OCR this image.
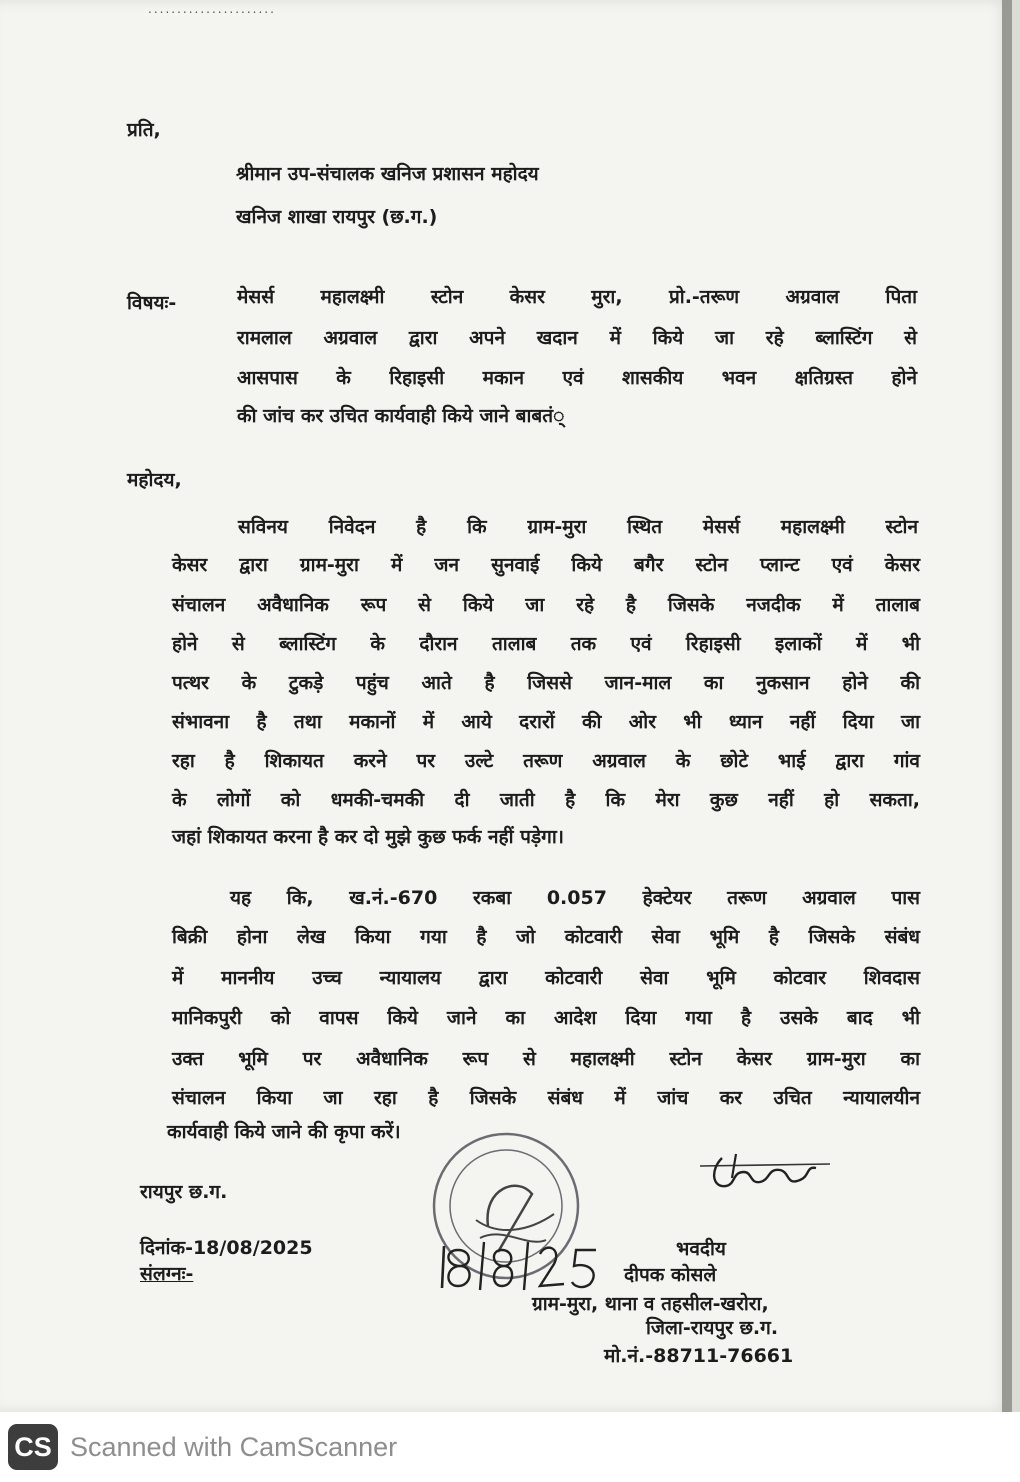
......................
प्रति,
श्रीमान उप-संचालक खनिज प्रशासन महोदय
खनिज शाखा रायपुर (छ.ग.)
विषयः-	मेसर्स महालक्ष्मी स्टोन केसर मुरा, प्रो.-तरूण अग्रवाल पिता
रामलाल अग्रवाल द्वारा अपने खदान में किये जा रहे ब्लास्टिंग से
आसपास के रिहाइसी मकान एवं शासकीय भवन क्षतिग्रस्त होने
की जांच कर उचित कार्यवाही किये जाने बाबतं्
महोदय,
सविनय निवेदन है कि ग्राम-मुरा स्थित मेसर्स महालक्ष्मी स्टोन
केसर द्वारा ग्राम-मुरा में जन सुनवाई किये बगैर स्टोन प्लान्ट एवं केसर
संचालन अवैधानिक रूप से किये जा रहे है जिसके नजदीक में तालाब
होने से ब्लास्टिंग के दौरान तालाब तक एवं रिहाइसी इलाकों में भी
पत्थर के टुकड़े पहुंच आते है जिससे जान-माल का नुकसान होने की
संभावना है तथा मकानों में आये दरारों की ओर भी ध्यान नहीं दिया जा
रहा है शिकायत करने पर उल्टे तरूण अग्रवाल के छोटे भाई द्वारा गांव
के लोगों को धमकी-चमकी दी जाती है कि मेरा कुछ नहीं हो सकता,
जहां शिकायत करना है कर दो मुझे कुछ फर्क नहीं पड़ेगा।
यह कि, ख.नं.-670 रकबा 0.057 हेक्टेयर तरूण अग्रवाल पास
बिक्री होना लेख किया गया है जो कोटवारी सेवा भूमि है जिसके संबंध
में माननीय उच्च न्यायालय द्वारा कोटवारी सेवा भूमि कोटवार शिवदास
मानिकपुरी को वापस किये जाने का आदेश दिया गया है उसके बाद भी
उक्त भूमि पर अवैधानिक रूप से महालक्ष्मी स्टोन केसर ग्राम-मुरा का
संचालन किया जा रहा है जिसके संबंध में जांच कर उचित न्यायालयीन
कार्यवाही किये जाने की कृपा करें।
रायपुर छ.ग.
दिनांक-18/08/2025
संलग्नः-
भवदीय
दीपक कोसले
ग्राम-मुरा, थाना व तहसील-खरोरा,
जिला-रायपुर छ.ग.
मो.नं.-88711-76661
CS Scanned with CamScanner
